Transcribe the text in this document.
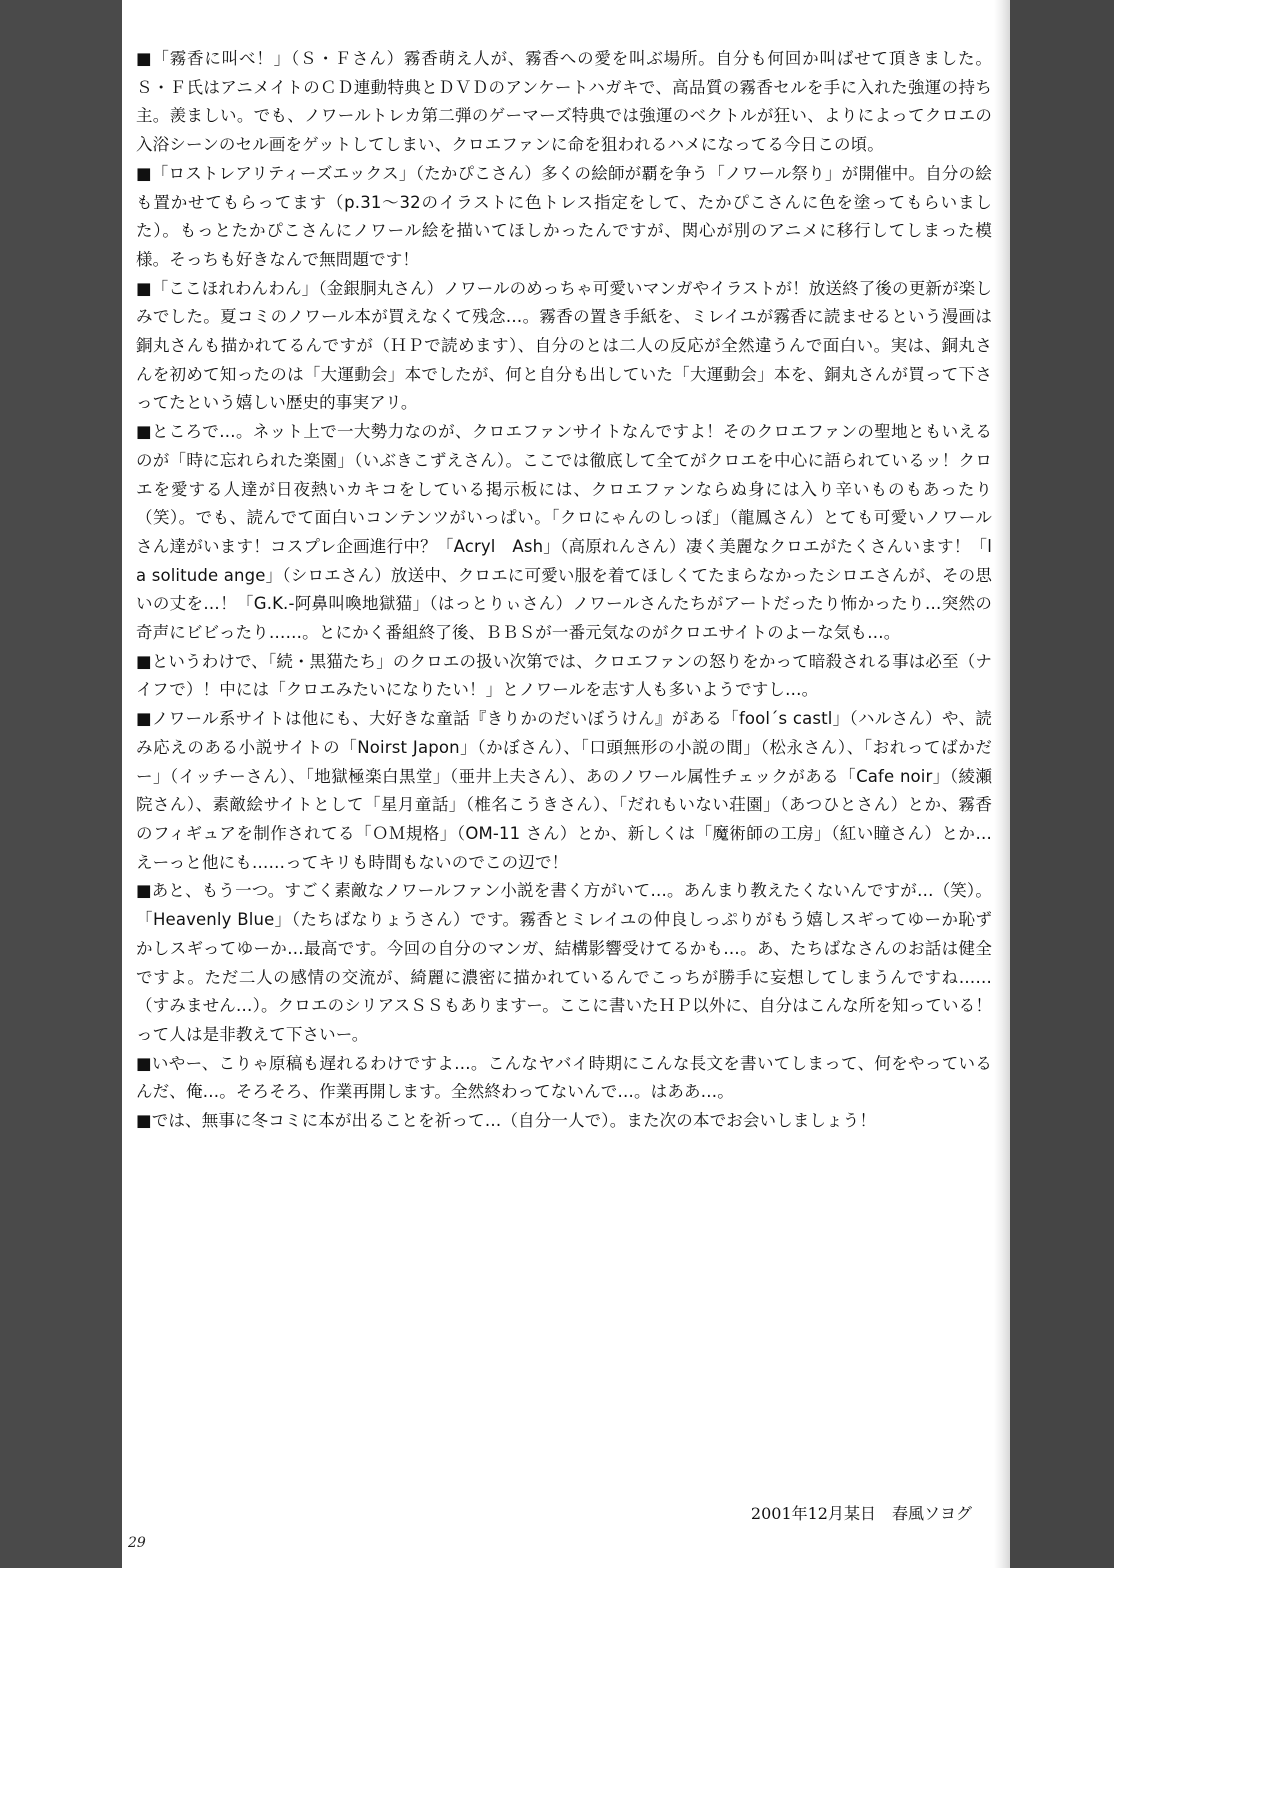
■「霧香に叫べ！」（Ｓ・Ｆさん）霧香萌え人が、霧香への愛を叫ぶ場所。自分も何回か叫ばせて頂きました。Ｓ・Ｆ氏はアニメイトのＣＤ連動特典とＤＶＤのアンケートハガキで、高品質の霧香セルを手に入れた強運の持ち主。羨ましい。でも、ノワールトレカ第二弾のゲーマーズ特典では強運のベクトルが狂い、よりによってクロエの入浴シーンのセル画をゲットしてしまい、クロエファンに命を狙われるハメになってる今日この頃。

■「ロストレアリティーズエックス」（たかぴこさん）多くの絵師が覇を争う「ノワール祭り」が開催中。自分の絵も置かせてもらってます（p.31～32のイラストに色トレス指定をして、たかぴこさんに色を塗ってもらいました）。もっとたかぴこさんにノワール絵を描いてほしかったんですが、関心が別のアニメに移行してしまった模様。そっちも好きなんで無問題です！

■「ここほれわんわん」（金銀胴丸さん）ノワールのめっちゃ可愛いマンガやイラストが！放送終了後の更新が楽しみでした。夏コミのノワール本が買えなくて残念…。霧香の置き手紙を、ミレイユが霧香に読ませるという漫画は銅丸さんも描かれてるんですが（ＨＰで読めます）、自分のとは二人の反応が全然違うんで面白い。実は、銅丸さんを初めて知ったのは「大運動会」本でしたが、何と自分も出していた「大運動会」本を、銅丸さんが買って下さってたという嬉しい歴史的事実アリ。

■ところで…。ネット上で一大勢力なのが、クロエファンサイトなんですよ！そのクロエファンの聖地ともいえるのが「時に忘れられた楽園」（いぶきこずえさん）。ここでは徹底して全てがクロエを中心に語られているッ！クロエを愛する人達が日夜熱いカキコをしている掲示板には、クロエファンならぬ身には入り辛いものもあったり（笑）。でも、読んでて面白いコンテンツがいっぱい。「クロにゃんのしっぽ」（龍鳳さん）とても可愛いノワールさん達がいます！コスプレ企画進行中？「Acryl　Ash」（高原れんさん）凄く美麗なクロエがたくさんいます！「la solitude ange」（シロエさん）放送中、クロエに可愛い服を着てほしくてたまらなかったシロエさんが、その思いの丈を…！「G.K.‐阿鼻叫喚地獄猫」（はっとりぃさん）ノワールさんたちがアートだったり怖かったり…突然の奇声にビビったり……。とにかく番組終了後、ＢＢＳが一番元気なのがクロエサイトのよーな気も…。

■というわけで、「続・黒猫たち」のクロエの扱い次第では、クロエファンの怒りをかって暗殺される事は必至（ナイフで）！中には「クロエみたいになりたい！」とノワールを志す人も多いようですし…。

■ノワール系サイトは他にも、大好きな童話『きりかのだいぼうけん』がある「fool´s castl」（ハルさん）や、読み応えのある小説サイトの「Noirst Japon」（かぼさん）、「口頭無形の小説の間」（松永さん）、「おれってばかだー」（イッチーさん）、「地獄極楽白黒堂」（亜井上夫さん）、あのノワール属性チェックがある「Cafe noir」（綾瀬院さん）、素敵絵サイトとして「星月童話」（椎名こうきさん）、「だれもいない荘園」（あつひとさん）とか、霧香のフィギュアを制作されてる「ＯＭ規格」（OM-11 さん）とか、新しくは「魔術師の工房」（紅い瞳さん）とか…えーっと他にも……ってキリも時間もないのでこの辺で！

■あと、もう一つ。すごく素敵なノワールファン小説を書く方がいて…。あんまり教えたくないんですが…（笑）。「Heavenly Blue」（たちばなりょうさん）です。霧香とミレイユの仲良しっぷりがもう嬉しスギってゆーか恥ずかしスギってゆーか…最高です。今回の自分のマンガ、結構影響受けてるかも…。あ、たちばなさんのお話は健全ですよ。ただ二人の感情の交流が、綺麗に濃密に描かれているんでこっちが勝手に妄想してしまうんですね……（すみません…）。クロエのシリアスＳＳもありますー。ここに書いたＨＰ以外に、自分はこんな所を知っている！って人は是非教えて下さいー。

■いやー、こりゃ原稿も遅れるわけですよ…。こんなヤバイ時期にこんな長文を書いてしまって、何をやっているんだ、俺…。そろそろ、作業再開します。全然終わってないんで…。はああ…。

■では、無事に冬コミに本が出ることを祈って…（自分一人で）。また次の本でお会いしましょう！

2001年12月某日　春風ソヨグ
29
